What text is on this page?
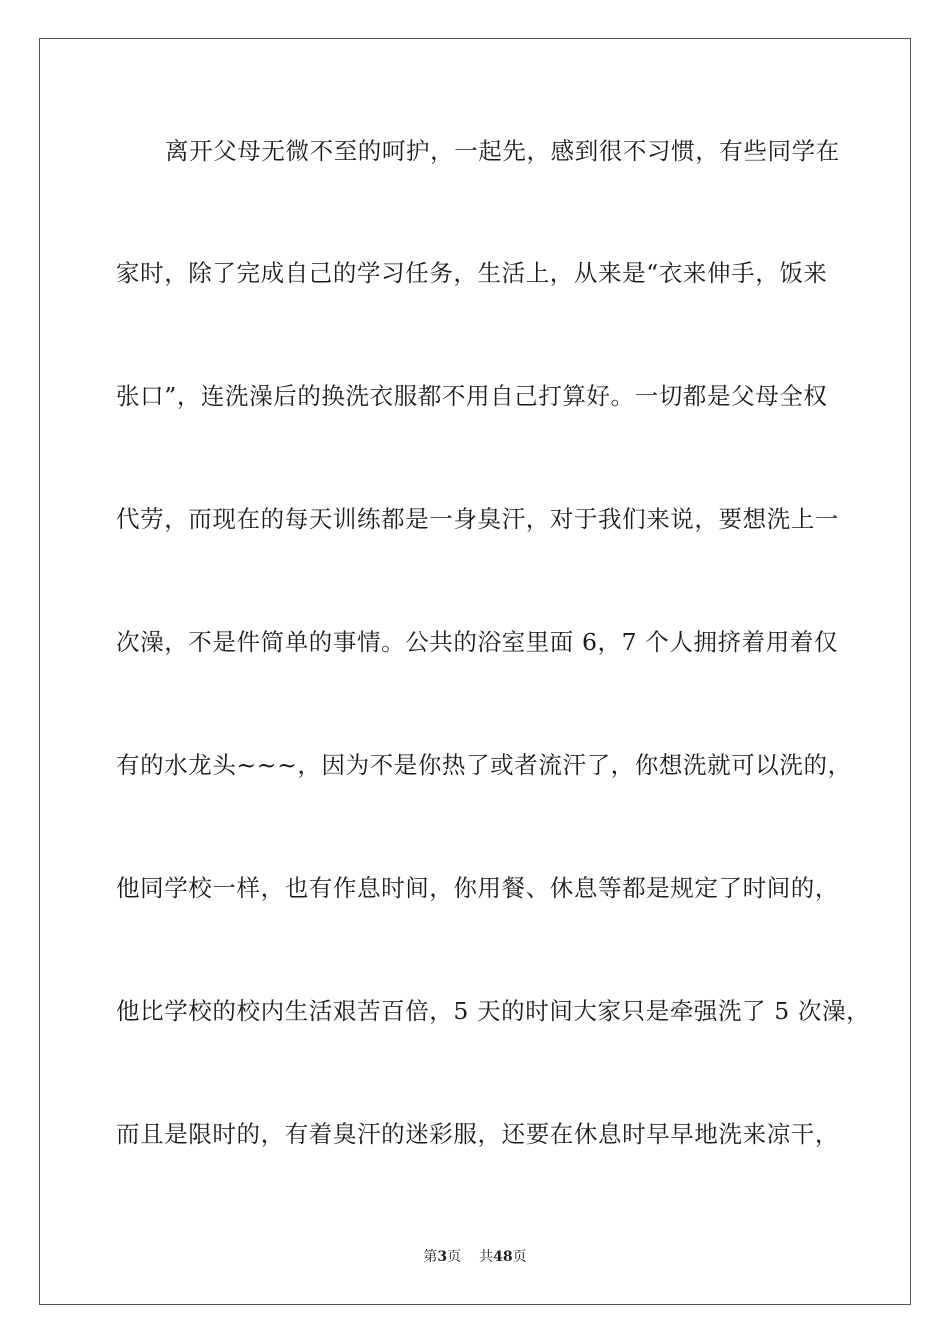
离开父母无微不至的呵护，一起先，感到很不习惯，有些同学在
家时，除了完成自己的学习任务，生活上，从来是“衣来伸手，饭来
张口”，连洗澡后的换洗衣服都不用自己打算好。一切都是父母全权
代劳，而现在的每天训练都是一身臭汗，对于我们来说，要想洗上一
次澡，不是件简单的事情。公共的浴室里面 6，7 个人拥挤着用着仅
有的水龙头~~~，因为不是你热了或者流汗了，你想洗就可以洗的，
他同学校一样，也有作息时间，你用餐、休息等都是规定了时间的，
他比学校的校内生活艰苦百倍，5 天的时间大家只是牵强洗了 5 次澡，
而且是限时的，有着臭汗的迷彩服，还要在休息时早早地洗来凉干，
第3页 共48页
